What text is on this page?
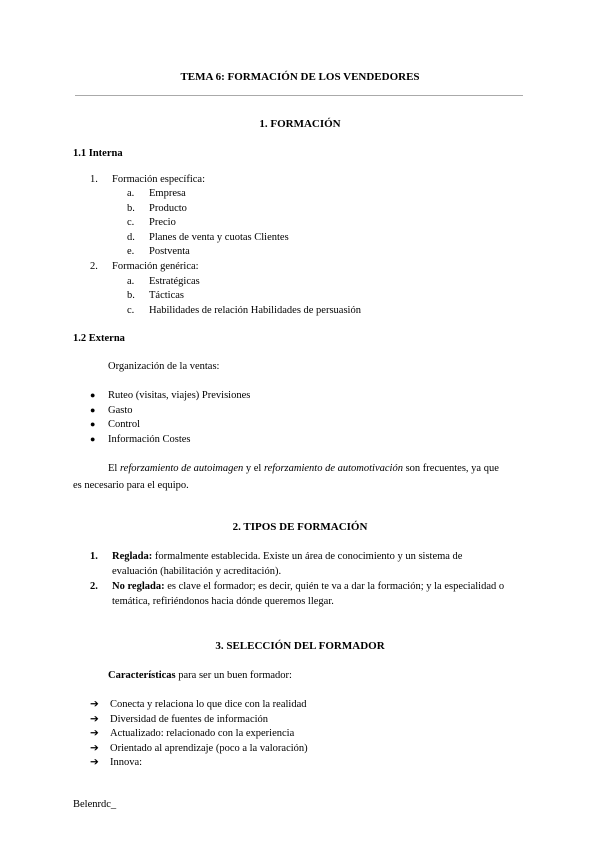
TEMA 6: FORMACIÓN DE LOS VENDEDORES
1. FORMACIÓN
1.1 Interna
1. Formación específica:
a. Empresa
b. Producto
c. Precio
d. Planes de venta y cuotas Clientes
e. Postventa
2. Formación genérica:
a. Estratégicas
b. Tácticas
c. Habilidades de relación Habilidades de persuasión
1.2 Externa
Organización de la ventas:
● Ruteo (visitas, viajes) Previsiones
● Gasto
● Control
● Información Costes
El reforzamiento de autoimagen y el reforzamiento de automotivación son frecuentes, ya que
es necesario para el equipo.
2. TIPOS DE FORMACIÓN
1. Reglada: formalmente establecida. Existe un área de conocimiento y un sistema de
evaluación (habilitación y acreditación).
2. No reglada: es clave el formador; es decir, quién te va a dar la formación; y la especialidad o
temática, refiriéndonos hacia dónde queremos llegar.
3. SELECCIÓN DEL FORMADOR
Características para ser un buen formador:
➔ Conecta y relaciona lo que dice con la realidad
➔ Diversidad de fuentes de información
➔ Actualizado: relacionado con la experiencia
➔ Orientado al aprendizaje (poco a la valoración)
➔ Innova:
Belenrdc_
